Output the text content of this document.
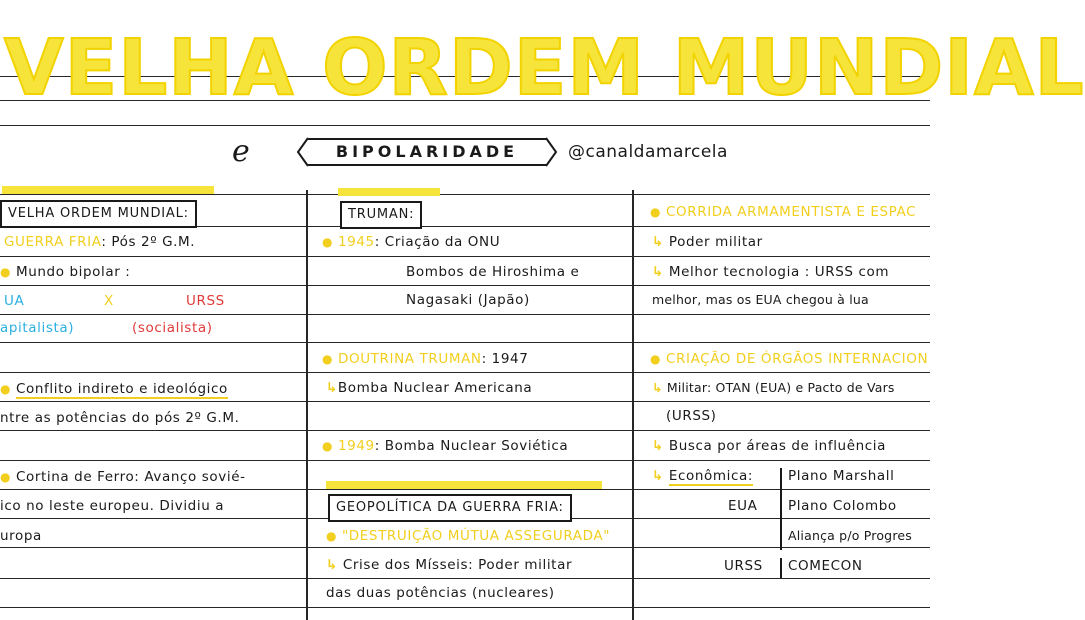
VELHA ORDEM MUNDIAL
e	BIPOLARIDADE	@canaldamarcela
VELHA ORDEM MUNDIAL:
GUERRA FRIA: Pós 2º G.M.
● Mundo bipolar :
UA	X	URSS
apitalista)	(socialista)
● Conflito indireto e ideológico
ntre as potências do pós 2º G.M.
● Cortina de Ferro: Avanço sovié-
ico no leste europeu. Dividiu a
uropa
TRUMAN:
● 1945: Criação da ONU
Bombos de Hiroshima e
Nagasaki (Japão)
● DOUTRINA TRUMAN: 1947
↳Bomba Nuclear Americana
● 1949: Bomba Nuclear Soviética
GEOPOLÍTICA DA GUERRA FRIA:
● "DESTRUIÇÃO MÚTUA ASSEGURADA"
↳ Crise dos Mísseis: Poder militar
das duas potências (nucleares)
● CORRIDA ARMAMENTISTA E ESPAC
↳ Poder militar
↳ Melhor tecnologia : URSS com
melhor, mas os EUA chegou à lua
● CRIAÇÃO DE ÓRGÃOS INTERNACION
↳ Militar: OTAN (EUA) e Pacto de Vars
(URSS)
↳ Busca por áreas de influência
↳ Econômica:	Plano Marshall
EUA Plano Colombo
Aliança p/o Progres
URSS COMECON
